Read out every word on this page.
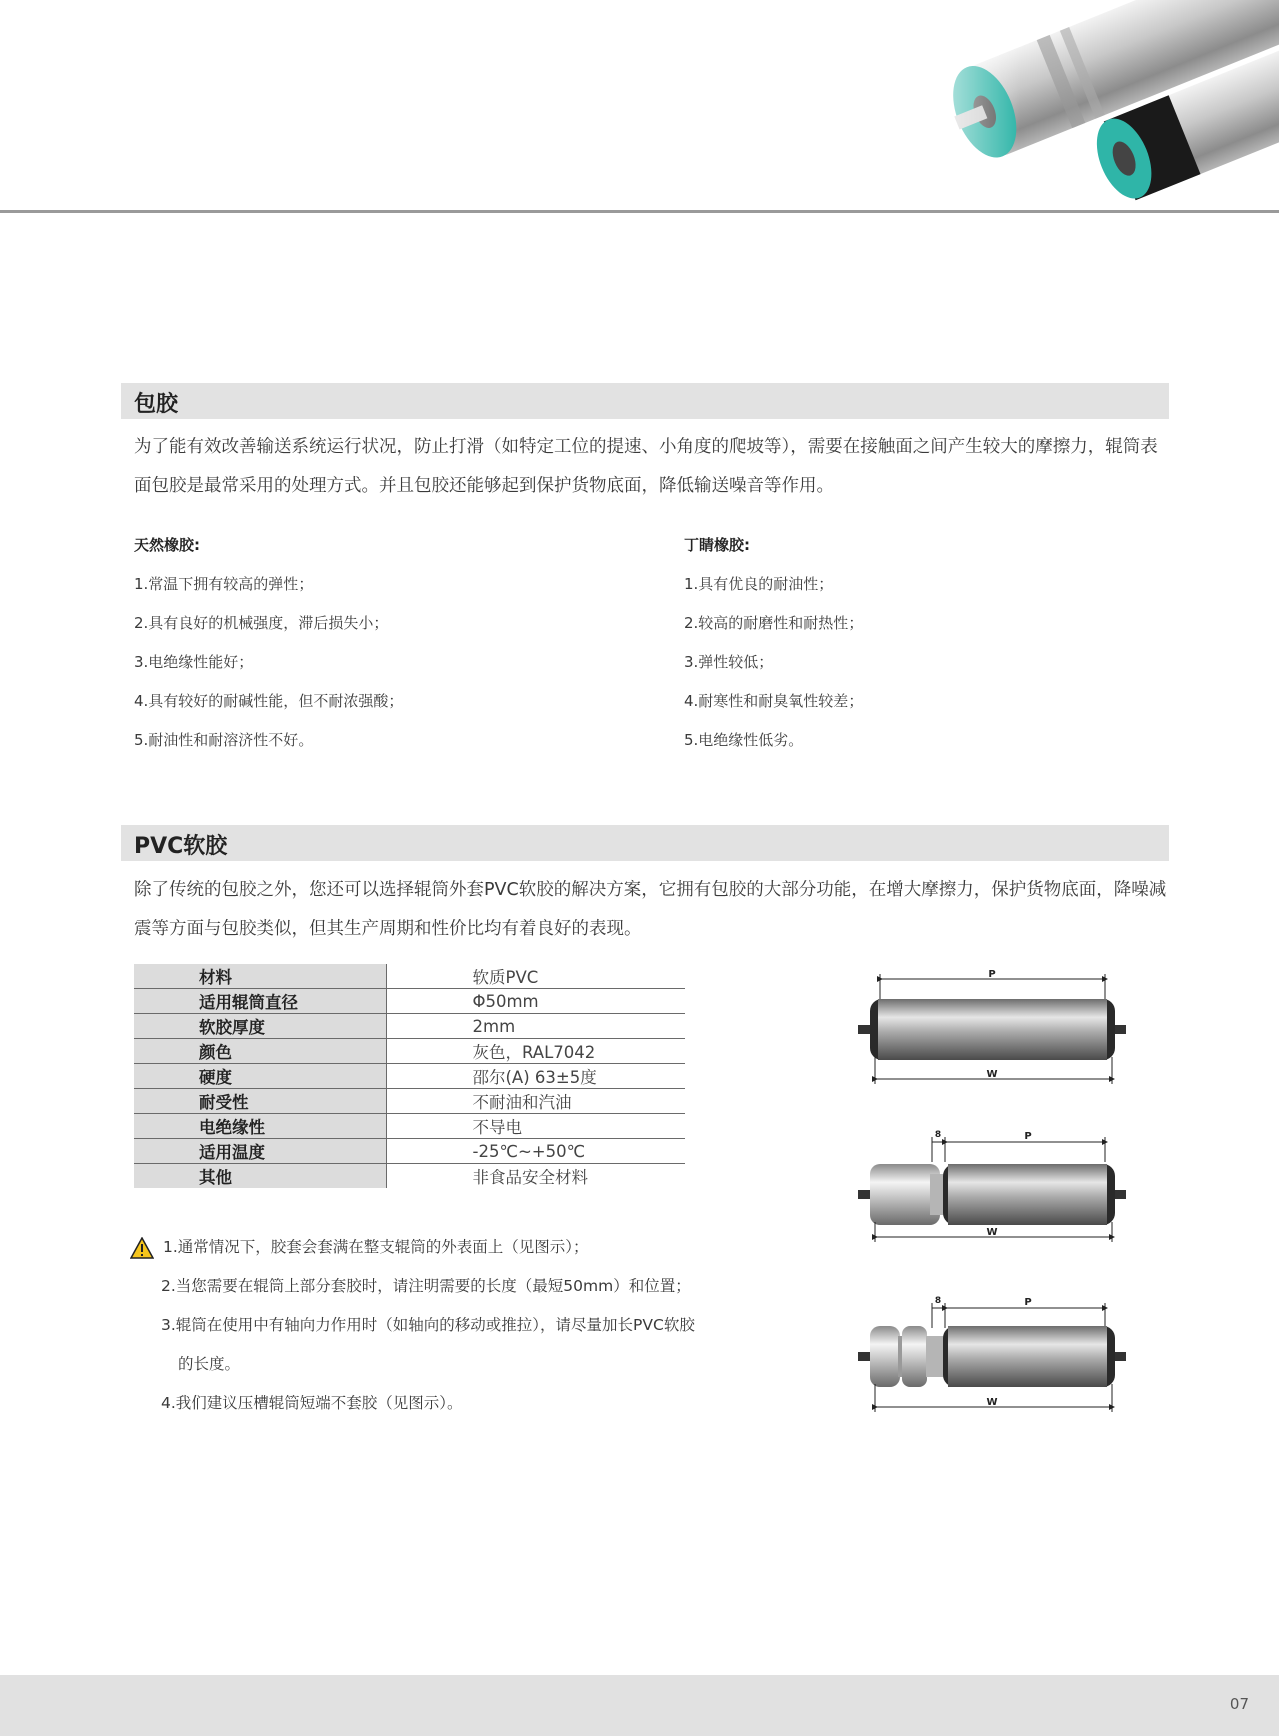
包胶
为了能有效改善输送系统运行状况，防止打滑（如特定工位的提速、小角度的爬坡等），需要在接触面之间产生较大的摩擦力，辊筒表面包胶是最常采用的处理方式。并且包胶还能够起到保护货物底面，降低输送噪音等作用。
天然橡胶:
1.常温下拥有较高的弹性；
2.具有良好的机械强度，滞后损失小；
3.电绝缘性能好；
4.具有较好的耐碱性能，但不耐浓强酸；
5.耐油性和耐溶济性不好。
丁睛橡胶:
1.具有优良的耐油性；
2.较高的耐磨性和耐热性；
3.弹性较低；
4.耐寒性和耐臭氧性较差；
5.电绝缘性低劣。
PVC软胶
除了传统的包胶之外，您还可以选择辊筒外套PVC软胶的解决方案，它拥有包胶的大部分功能，在增大摩擦力，保护货物底面，降噪减震等方面与包胶类似，但其生产周期和性价比均有着良好的表现。
材料	软质PVC
适用辊筒直径	Φ50mm
软胶厚度	2mm
颜色	灰色，RAL7042
硬度	邵尔(A) 63±5度
耐受性	不耐油和汽油
电绝缘性	不导电
适用温度	-25℃~+50℃
其他	非食品安全材料
1.通常情况下，胶套会套满在整支辊筒的外表面上（见图示）；
2.当您需要在辊筒上部分套胶时，请注明需要的长度（最短50mm）和位置；
3.辊筒在使用中有轴向力作用时（如轴向的移动或推拉），请尽量加长PVC软胶
的长度。
4.我们建议压槽辊筒短端不套胶（见图示）。
P
W
8	P
W
8	P
W
07
